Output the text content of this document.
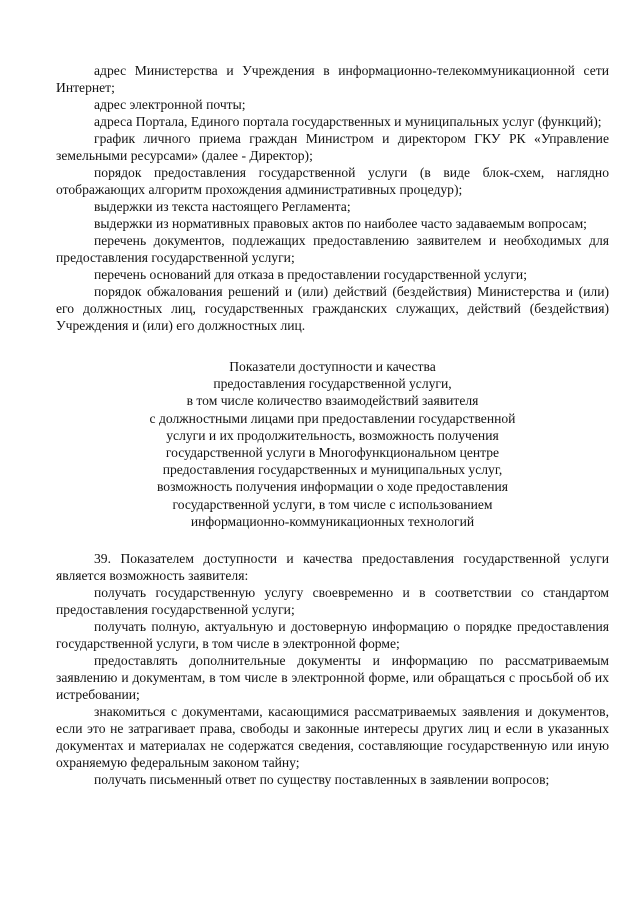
адрес Министерства и Учреждения в информационно-телекоммуникационной сети Интернет;

адрес электронной почты;

адреса Портала, Единого портала государственных и муниципальных услуг (функций);

график личного приема граждан Министром и директором ГКУ РК «Управление земельными ресурсами» (далее - Директор);

порядок предоставления государственной услуги (в виде блок-схем, наглядно отображающих алгоритм прохождения административных процедур);

выдержки из текста настоящего Регламента;

выдержки из нормативных правовых актов по наиболее часто задаваемым вопросам;

перечень документов, подлежащих предоставлению заявителем и необходимых для предоставления государственной услуги;

перечень оснований для отказа в предоставлении государственной услуги;

порядок обжалования решений и (или) действий (бездействия) Министерства и (или) его должностных лиц, государственных гражданских служащих, действий (бездействия) Учреждения и (или) его должностных лиц.

Показатели доступности и качества
предоставления государственной услуги,
в том числе количество взаимодействий заявителя
с должностными лицами при предоставлении государственной
услуги и их продолжительность, возможность получения
государственной услуги в Многофункциональном центре
предоставления государственных и муниципальных услуг,
возможность получения информации о ходе предоставления
государственной услуги, в том числе с использованием
информационно-коммуникационных технологий

39. Показателем доступности и качества предоставления государственной услуги является возможность заявителя:

получать государственную услугу своевременно и в соответствии со стандартом предоставления государственной услуги;

получать полную, актуальную и достоверную информацию о порядке предоставления государственной услуги, в том числе в электронной форме;

предоставлять дополнительные документы и информацию по рассматриваемым заявлению и документам, в том числе в электронной форме, или обращаться с просьбой об их истребовании;

знакомиться с документами, касающимися рассматриваемых заявления и документов, если это не затрагивает права, свободы и законные интересы других лиц и если в указанных документах и материалах не содержатся сведения, составляющие государственную или иную охраняемую федеральным законом тайну;

получать письменный ответ по существу поставленных в заявлении вопросов;
